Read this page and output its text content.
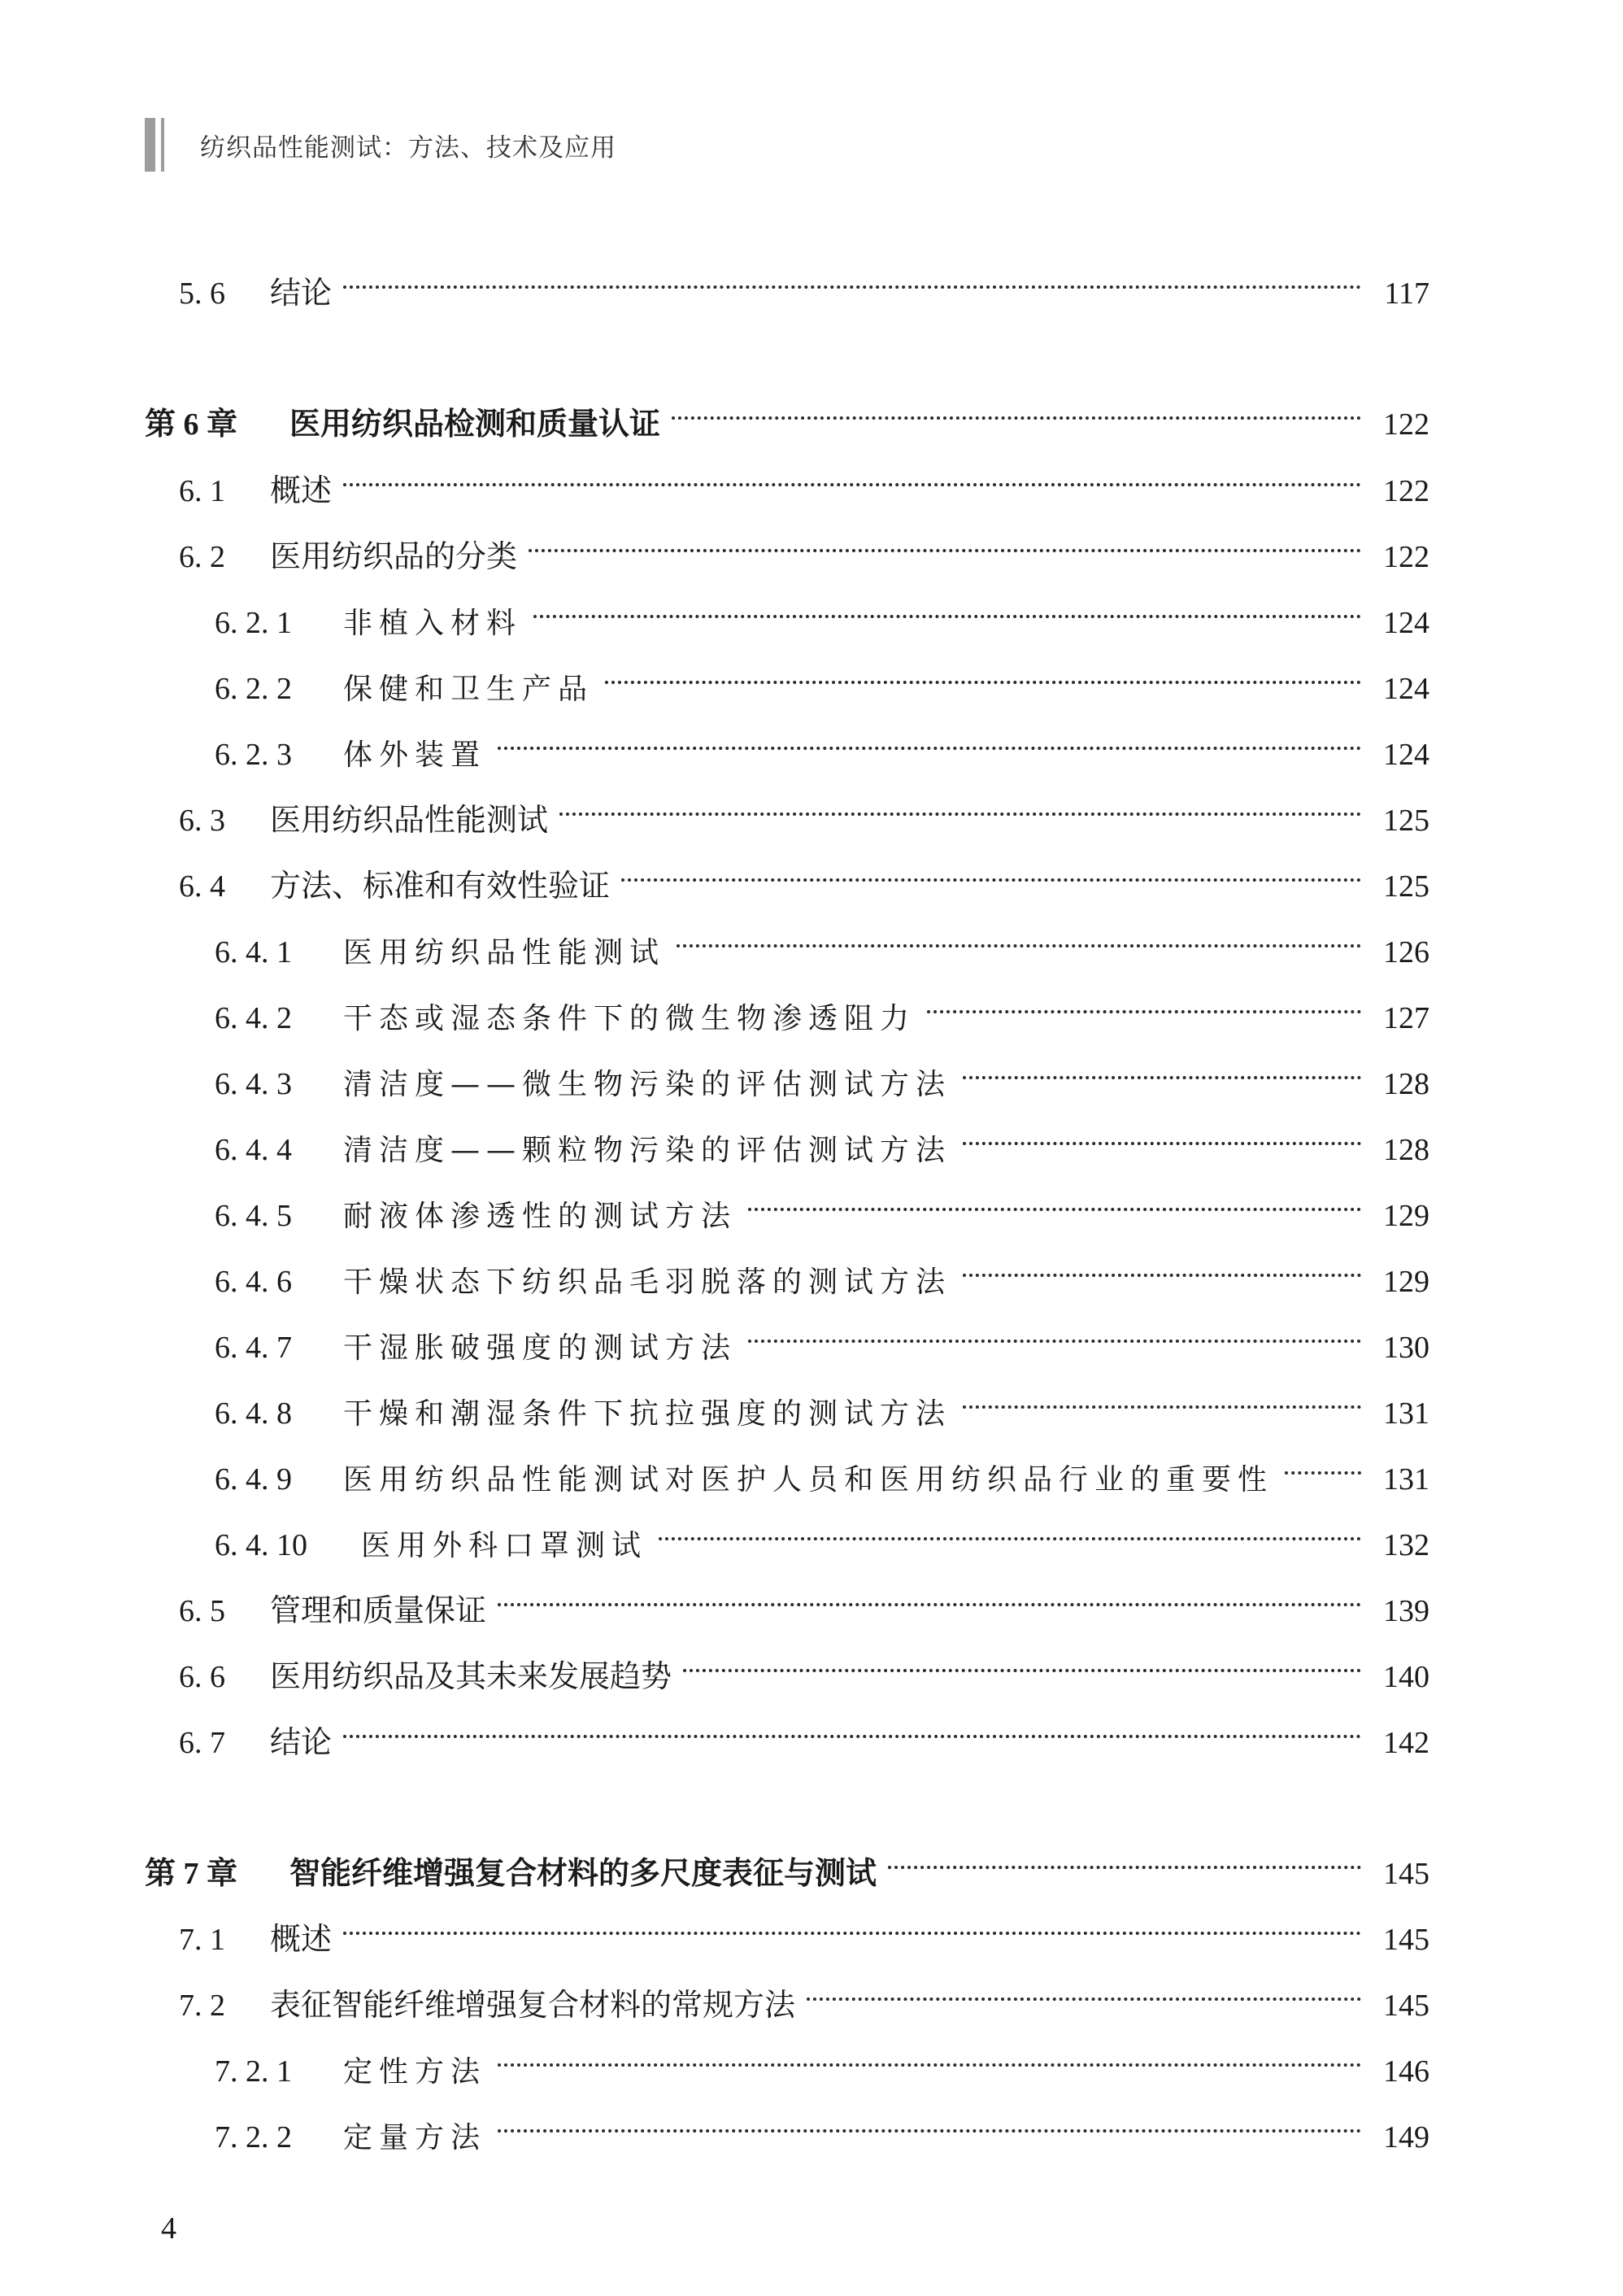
纺织品性能测试：方法、技术及应用
5. 6	结论	117
第 6 章	医用纺织品检测和质量认证	122
6. 1	概述	122
6. 2	医用纺织品的分类	122
6. 2. 1	非植入材料	124
6. 2. 2	保健和卫生产品	124
6. 2. 3	体外装置	124
6. 3	医用纺织品性能测试	125
6. 4	方法、标准和有效性验证	125
6. 4. 1	医用纺织品性能测试	126
6. 4. 2	干态或湿态条件下的微生物渗透阻力	127
6. 4. 3	清洁度——微生物污染的评估测试方法	128
6. 4. 4	清洁度——颗粒物污染的评估测试方法	128
6. 4. 5	耐液体渗透性的测试方法	129
6. 4. 6	干燥状态下纺织品毛羽脱落的测试方法	129
6. 4. 7	干湿胀破强度的测试方法	130
6. 4. 8	干燥和潮湿条件下抗拉强度的测试方法	131
6. 4. 9	医用纺织品性能测试对医护人员和医用纺织品行业的重要性	131
6. 4. 10	医用外科口罩测试	132
6. 5	管理和质量保证	139
6. 6	医用纺织品及其未来发展趋势	140
6. 7	结论	142
第 7 章	智能纤维增强复合材料的多尺度表征与测试	145
7. 1	概述	145
7. 2	表征智能纤维增强复合材料的常规方法	145
7. 2. 1	定性方法	146
7. 2. 2	定量方法	149
4
